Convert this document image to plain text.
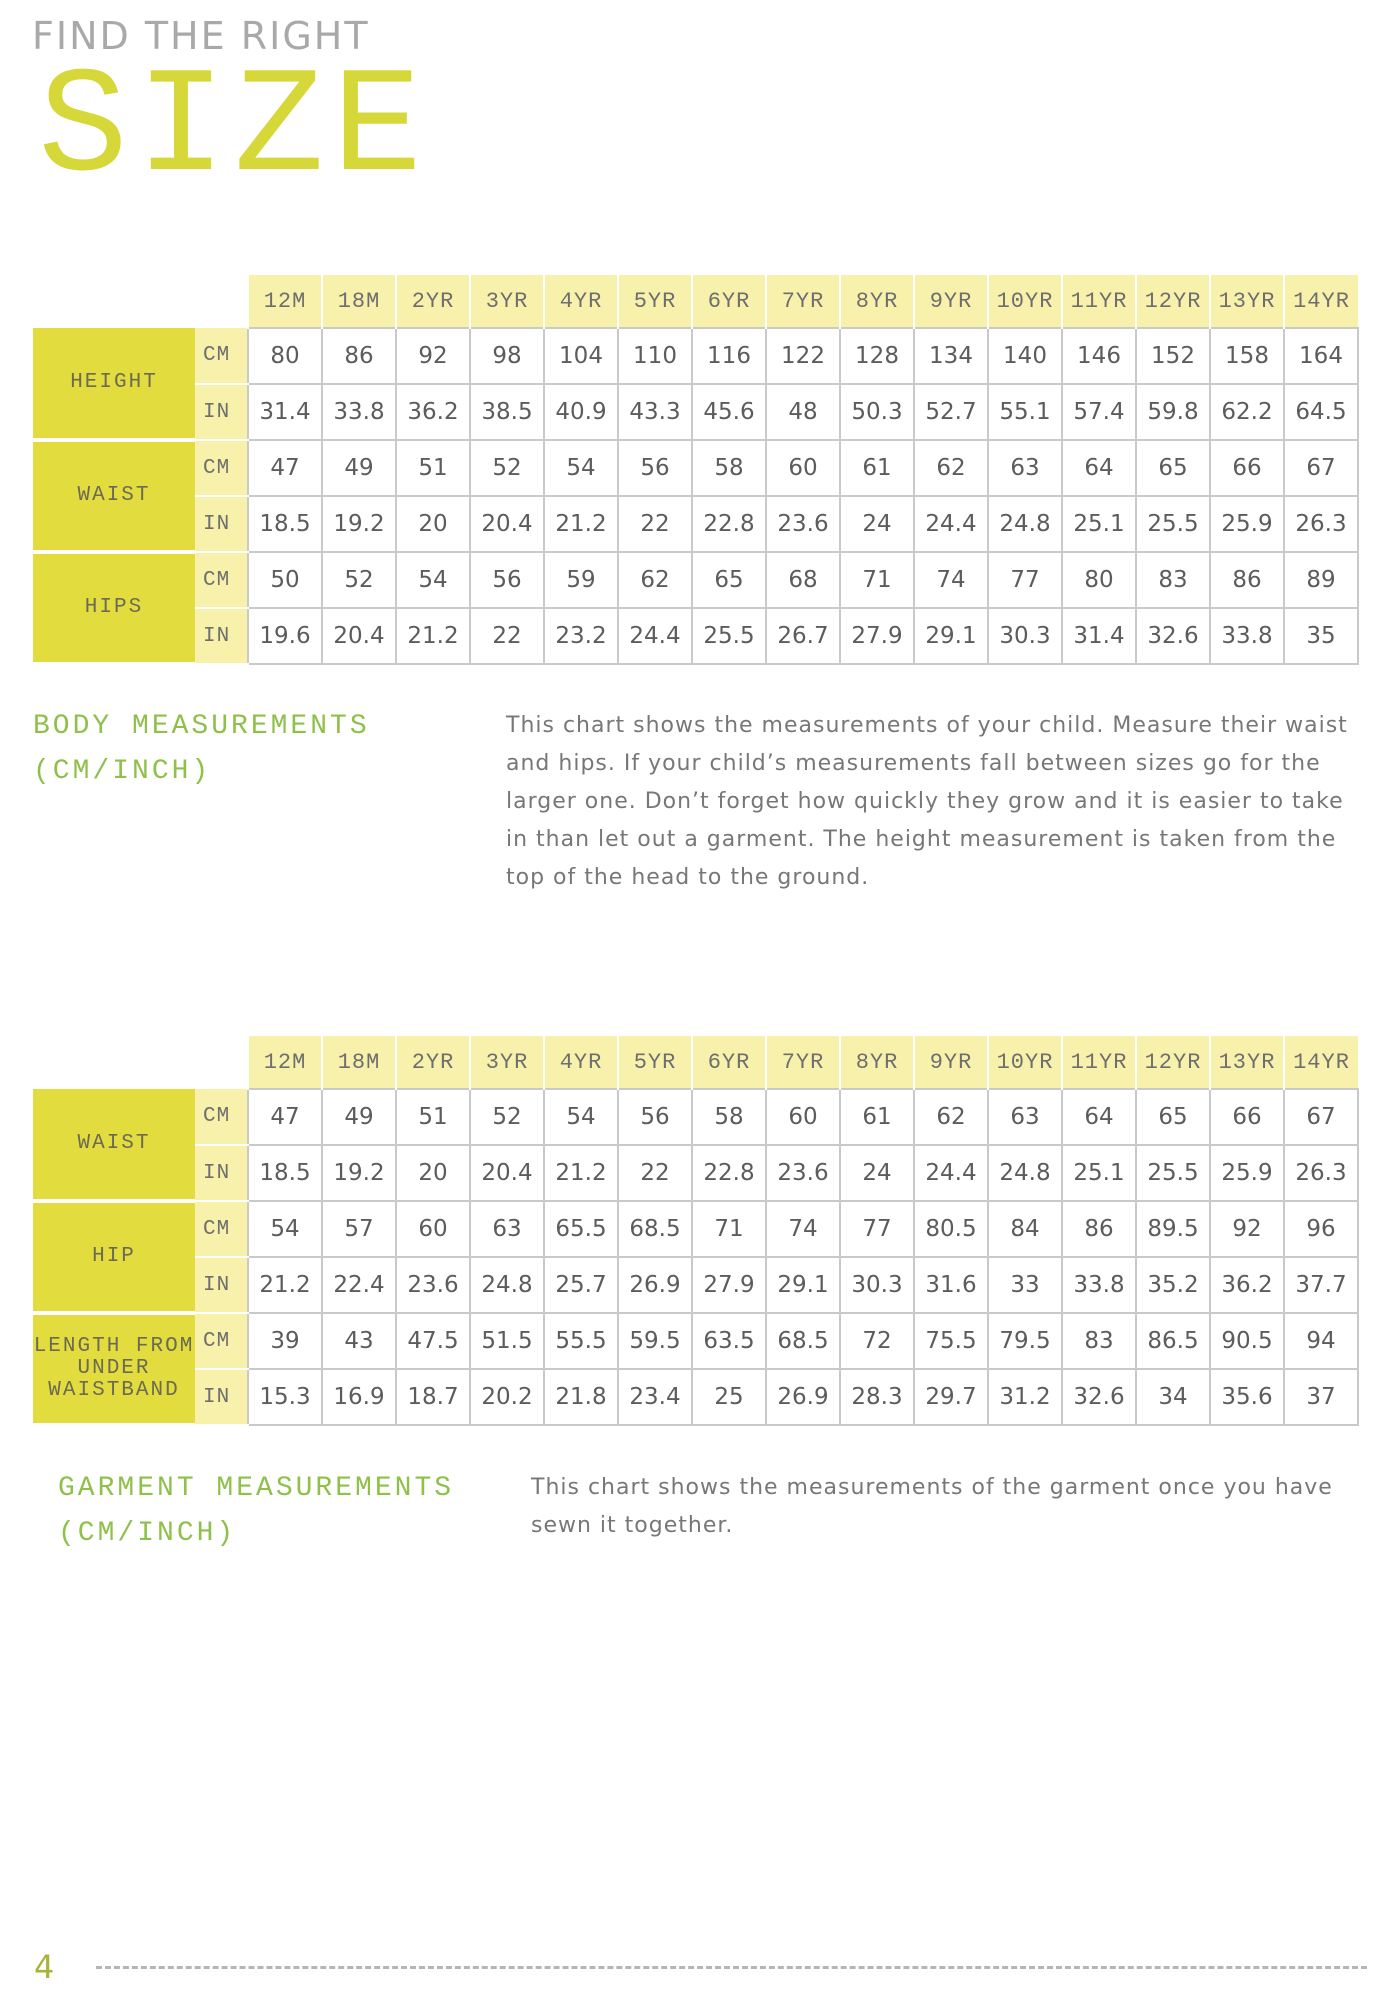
FIND THE RIGHT
SIZE
		12M	18M	2YR	3YR	4YR	5YR	6YR	7YR	8YR	9YR	10YR	11YR	12YR	13YR	14YR
HEIGHT	CM	80	86	92	98	104	110	116	122	128	134	140	146	152	158	164
	IN	31.4	33.8	36.2	38.5	40.9	43.3	45.6	48	50.3	52.7	55.1	57.4	59.8	62.2	64.5
WAIST	CM	47	49	51	52	54	56	58	60	61	62	63	64	65	66	67
	IN	18.5	19.2	20	20.4	21.2	22	22.8	23.6	24	24.4	24.8	25.1	25.5	25.9	26.3
HIPS	CM	50	52	54	56	59	62	65	68	71	74	77	80	83	86	89
	IN	19.6	20.4	21.2	22	23.2	24.4	25.5	26.7	27.9	29.1	30.3	31.4	32.6	33.8	35
BODY MEASUREMENTS
(CM/INCH)

This chart shows the measurements of your child. Measure their waist and hips. If your child’s measurements fall between sizes go for the larger one. Don’t forget how quickly they grow and it is easier to take in than let out a garment. The height measurement is taken from the top of the head to the ground.

		12M	18M	2YR	3YR	4YR	5YR	6YR	7YR	8YR	9YR	10YR	11YR	12YR	13YR	14YR
WAIST	CM	47	49	51	52	54	56	58	60	61	62	63	64	65	66	67
	IN	18.5	19.2	20	20.4	21.2	22	22.8	23.6	24	24.4	24.8	25.1	25.5	25.9	26.3
HIP	CM	54	57	60	63	65.5	68.5	71	74	77	80.5	84	86	89.5	92	96
	IN	21.2	22.4	23.6	24.8	25.7	26.9	27.9	29.1	30.3	31.6	33	33.8	35.2	36.2	37.7
LENGTH FROM UNDER WAISTBAND	CM	39	43	47.5	51.5	55.5	59.5	63.5	68.5	72	75.5	79.5	83	86.5	90.5	94
	IN	15.3	16.9	18.7	20.2	21.8	23.4	25	26.9	28.3	29.7	31.2	32.6	34	35.6	37
GARMENT MEASUREMENTS
(CM/INCH)

This chart shows the measurements of the garment once you have sewn it together.

4
